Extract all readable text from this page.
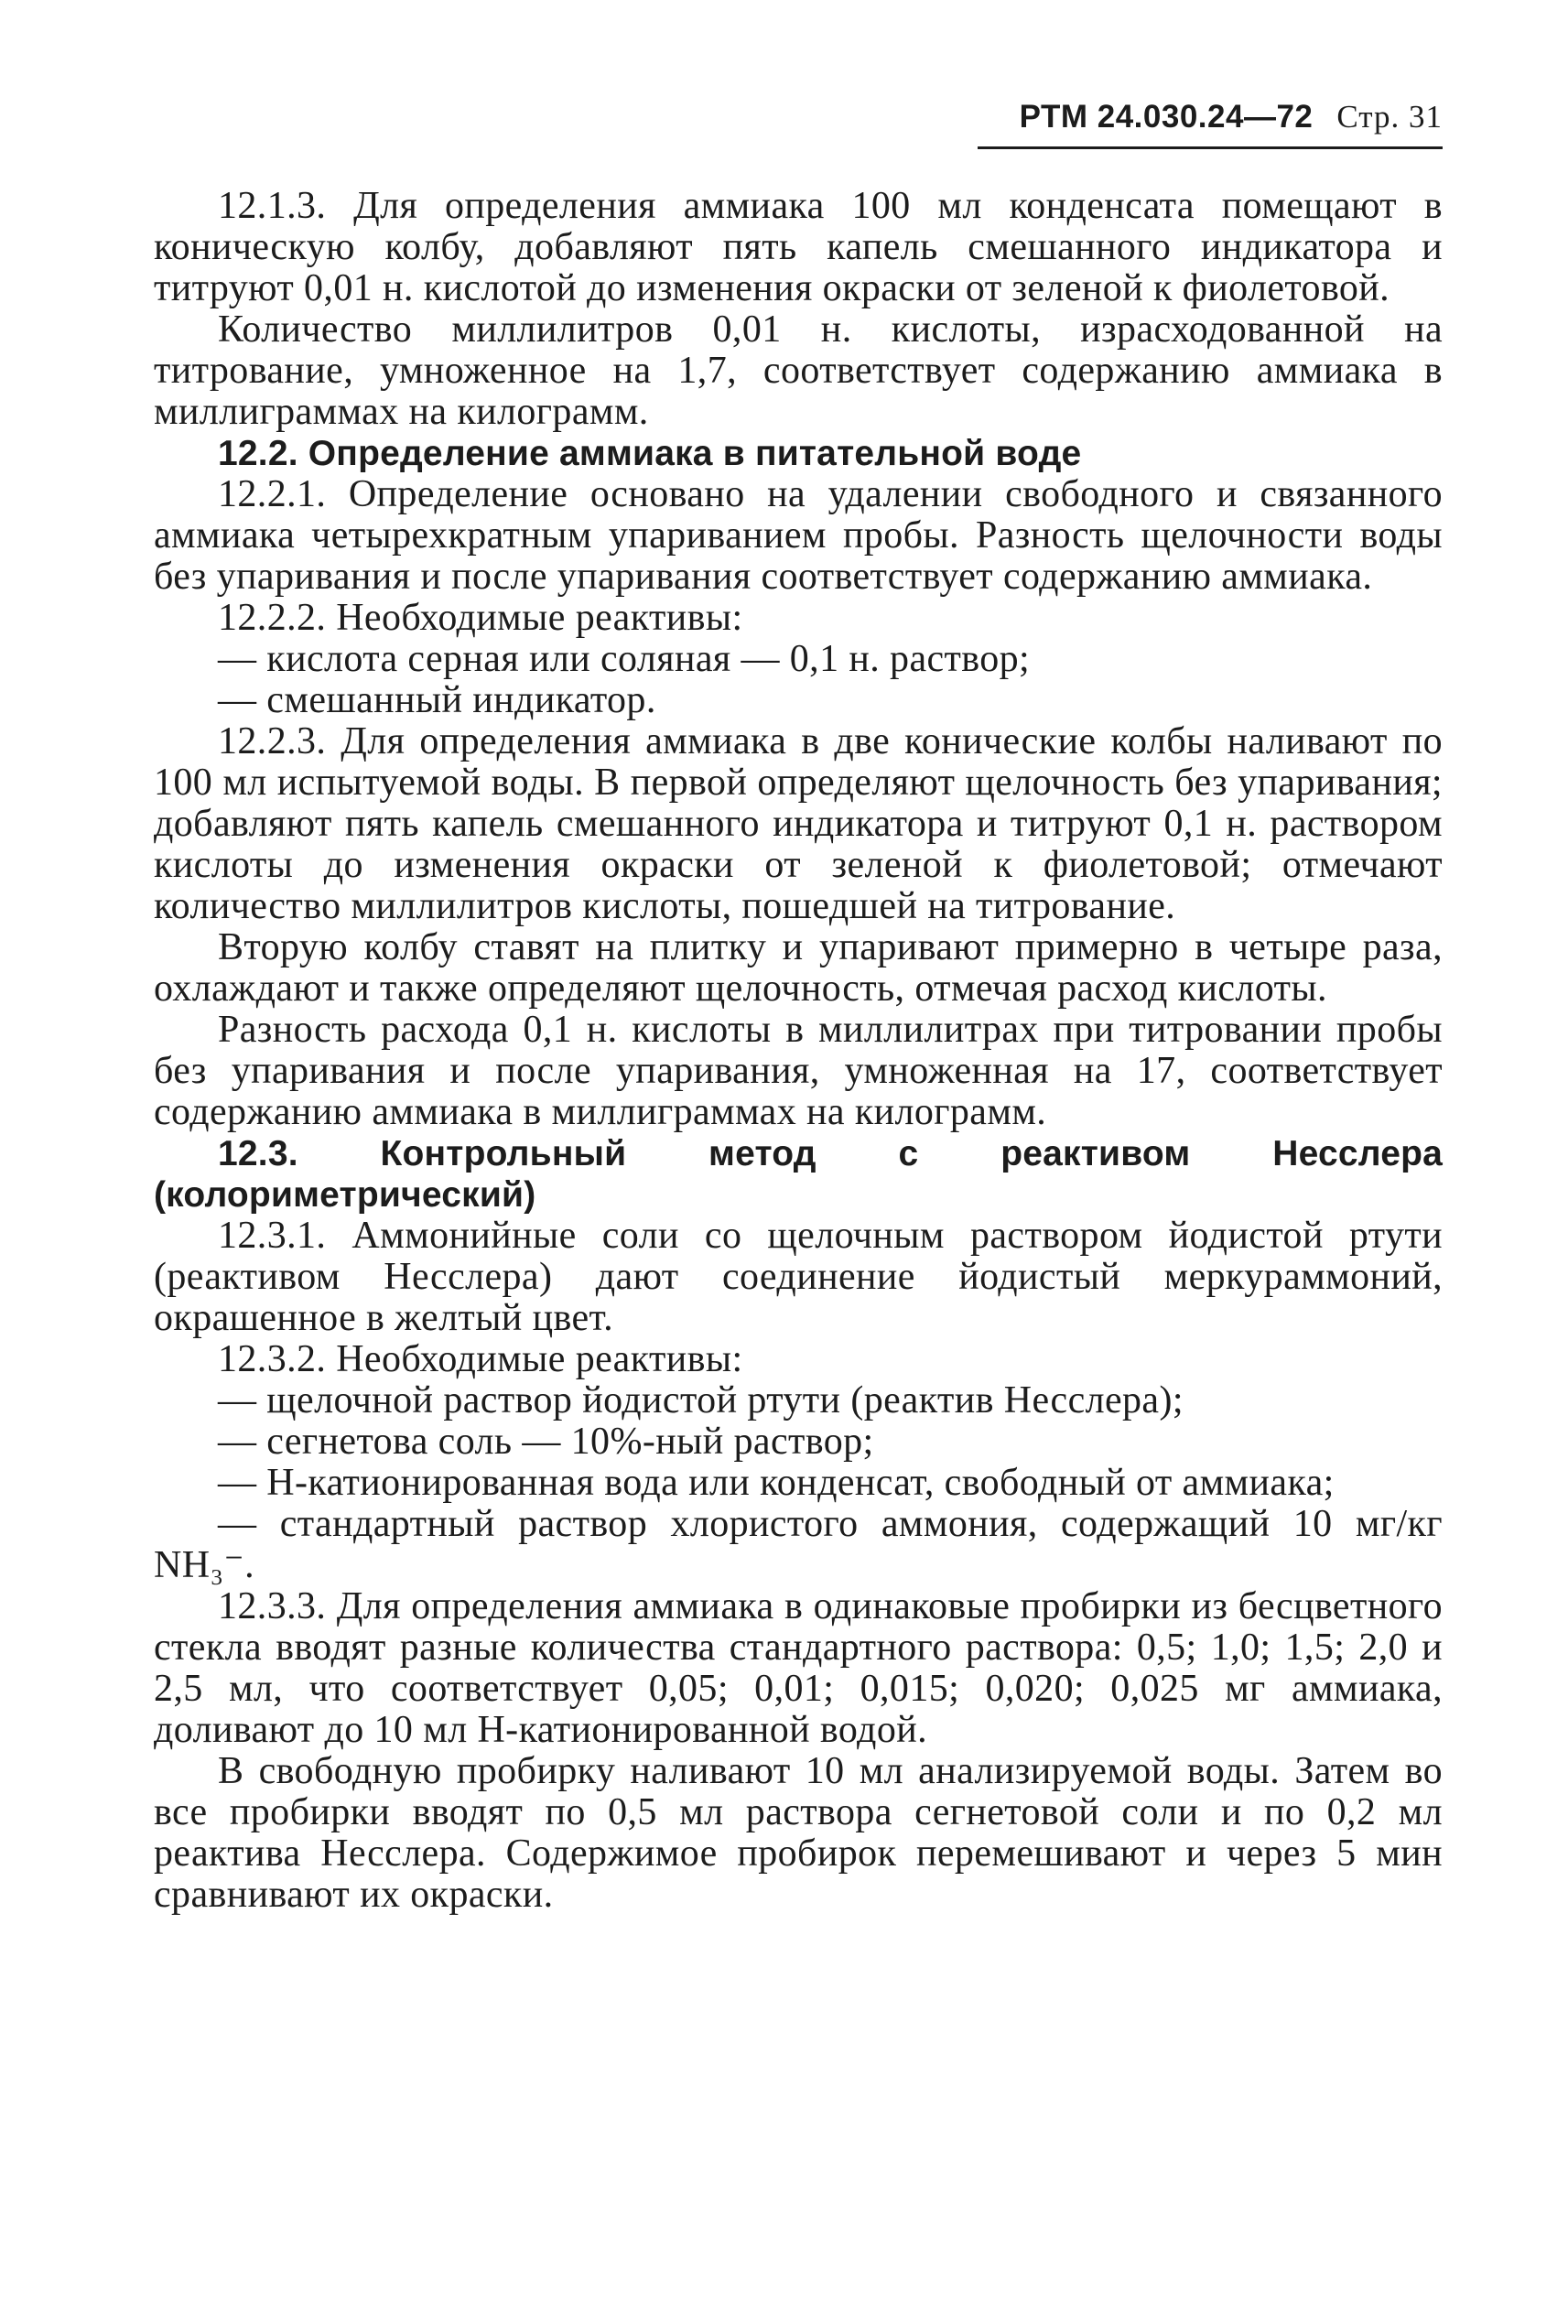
РТМ 24.030.24—72 Стр. 31

12.1.3. Для определения аммиака 100 мл конденсата помещают в коническую колбу, добавляют пять капель смешанного индикатора и титруют 0,01 н. кислотой до изменения окраски от зеленой к фиолетовой.

Количество миллилитров 0,01 н. кислоты, израсходованной на титрование, умноженное на 1,7, соответствует содержанию аммиака в миллиграммах на килограмм.

12.2. Определение аммиака в питательной воде

12.2.1. Определение основано на удалении свободного и связанного аммиака четырехкратным упариванием пробы. Разность щелочности воды без упаривания и после упаривания соответствует содержанию аммиака.

12.2.2. Необходимые реактивы:

— кислота серная или соляная — 0,1 н. раствор;

— смешанный индикатор.

12.2.3. Для определения аммиака в две конические колбы наливают по 100 мл испытуемой воды. В первой определяют щелочность без упаривания; добавляют пять капель смешанного индикатора и титруют 0,1 н. раствором кислоты до изменения окраски от зеленой к фиолетовой; отмечают количество миллилитров кислоты, пошедшей на титрование.

Вторую колбу ставят на плитку и упаривают примерно в четыре раза, охлаждают и также определяют щелочность, отмечая расход кислоты.

Разность расхода 0,1 н. кислоты в миллилитрах при титровании пробы без упаривания и после упаривания, умноженная на 17, соответствует содержанию аммиака в миллиграммах на килограмм.

12.3. Контрольный метод с реактивом Несслера (колориметрический)

12.3.1. Аммонийные соли со щелочным раствором йодистой ртути (реактивом Несслера) дают соединение йодистый меркураммоний, окрашенное в желтый цвет.

12.3.2. Необходимые реактивы:

— щелочной раствор йодистой ртути (реактив Несслера);

— сегнетова соль — 10%-ный раствор;

— Н-катионированная вода или конденсат, свободный от аммиака;

— стандартный раствор хлористого аммония, содержащий 10 мг/кг NH₃⁻.

12.3.3. Для определения аммиака в одинаковые пробирки из бесцветного стекла вводят разные количества стандартного раствора: 0,5; 1,0; 1,5; 2,0 и 2,5 мл, что соответствует 0,05; 0,01; 0,015; 0,020; 0,025 мг аммиака, доливают до 10 мл Н-катионированной водой.

В свободную пробирку наливают 10 мл анализируемой воды. Затем во все пробирки вводят по 0,5 мл раствора сегнетовой соли и по 0,2 мл реактива Несслера. Содержимое пробирок перемешивают и через 5 мин сравнивают их окраски.
